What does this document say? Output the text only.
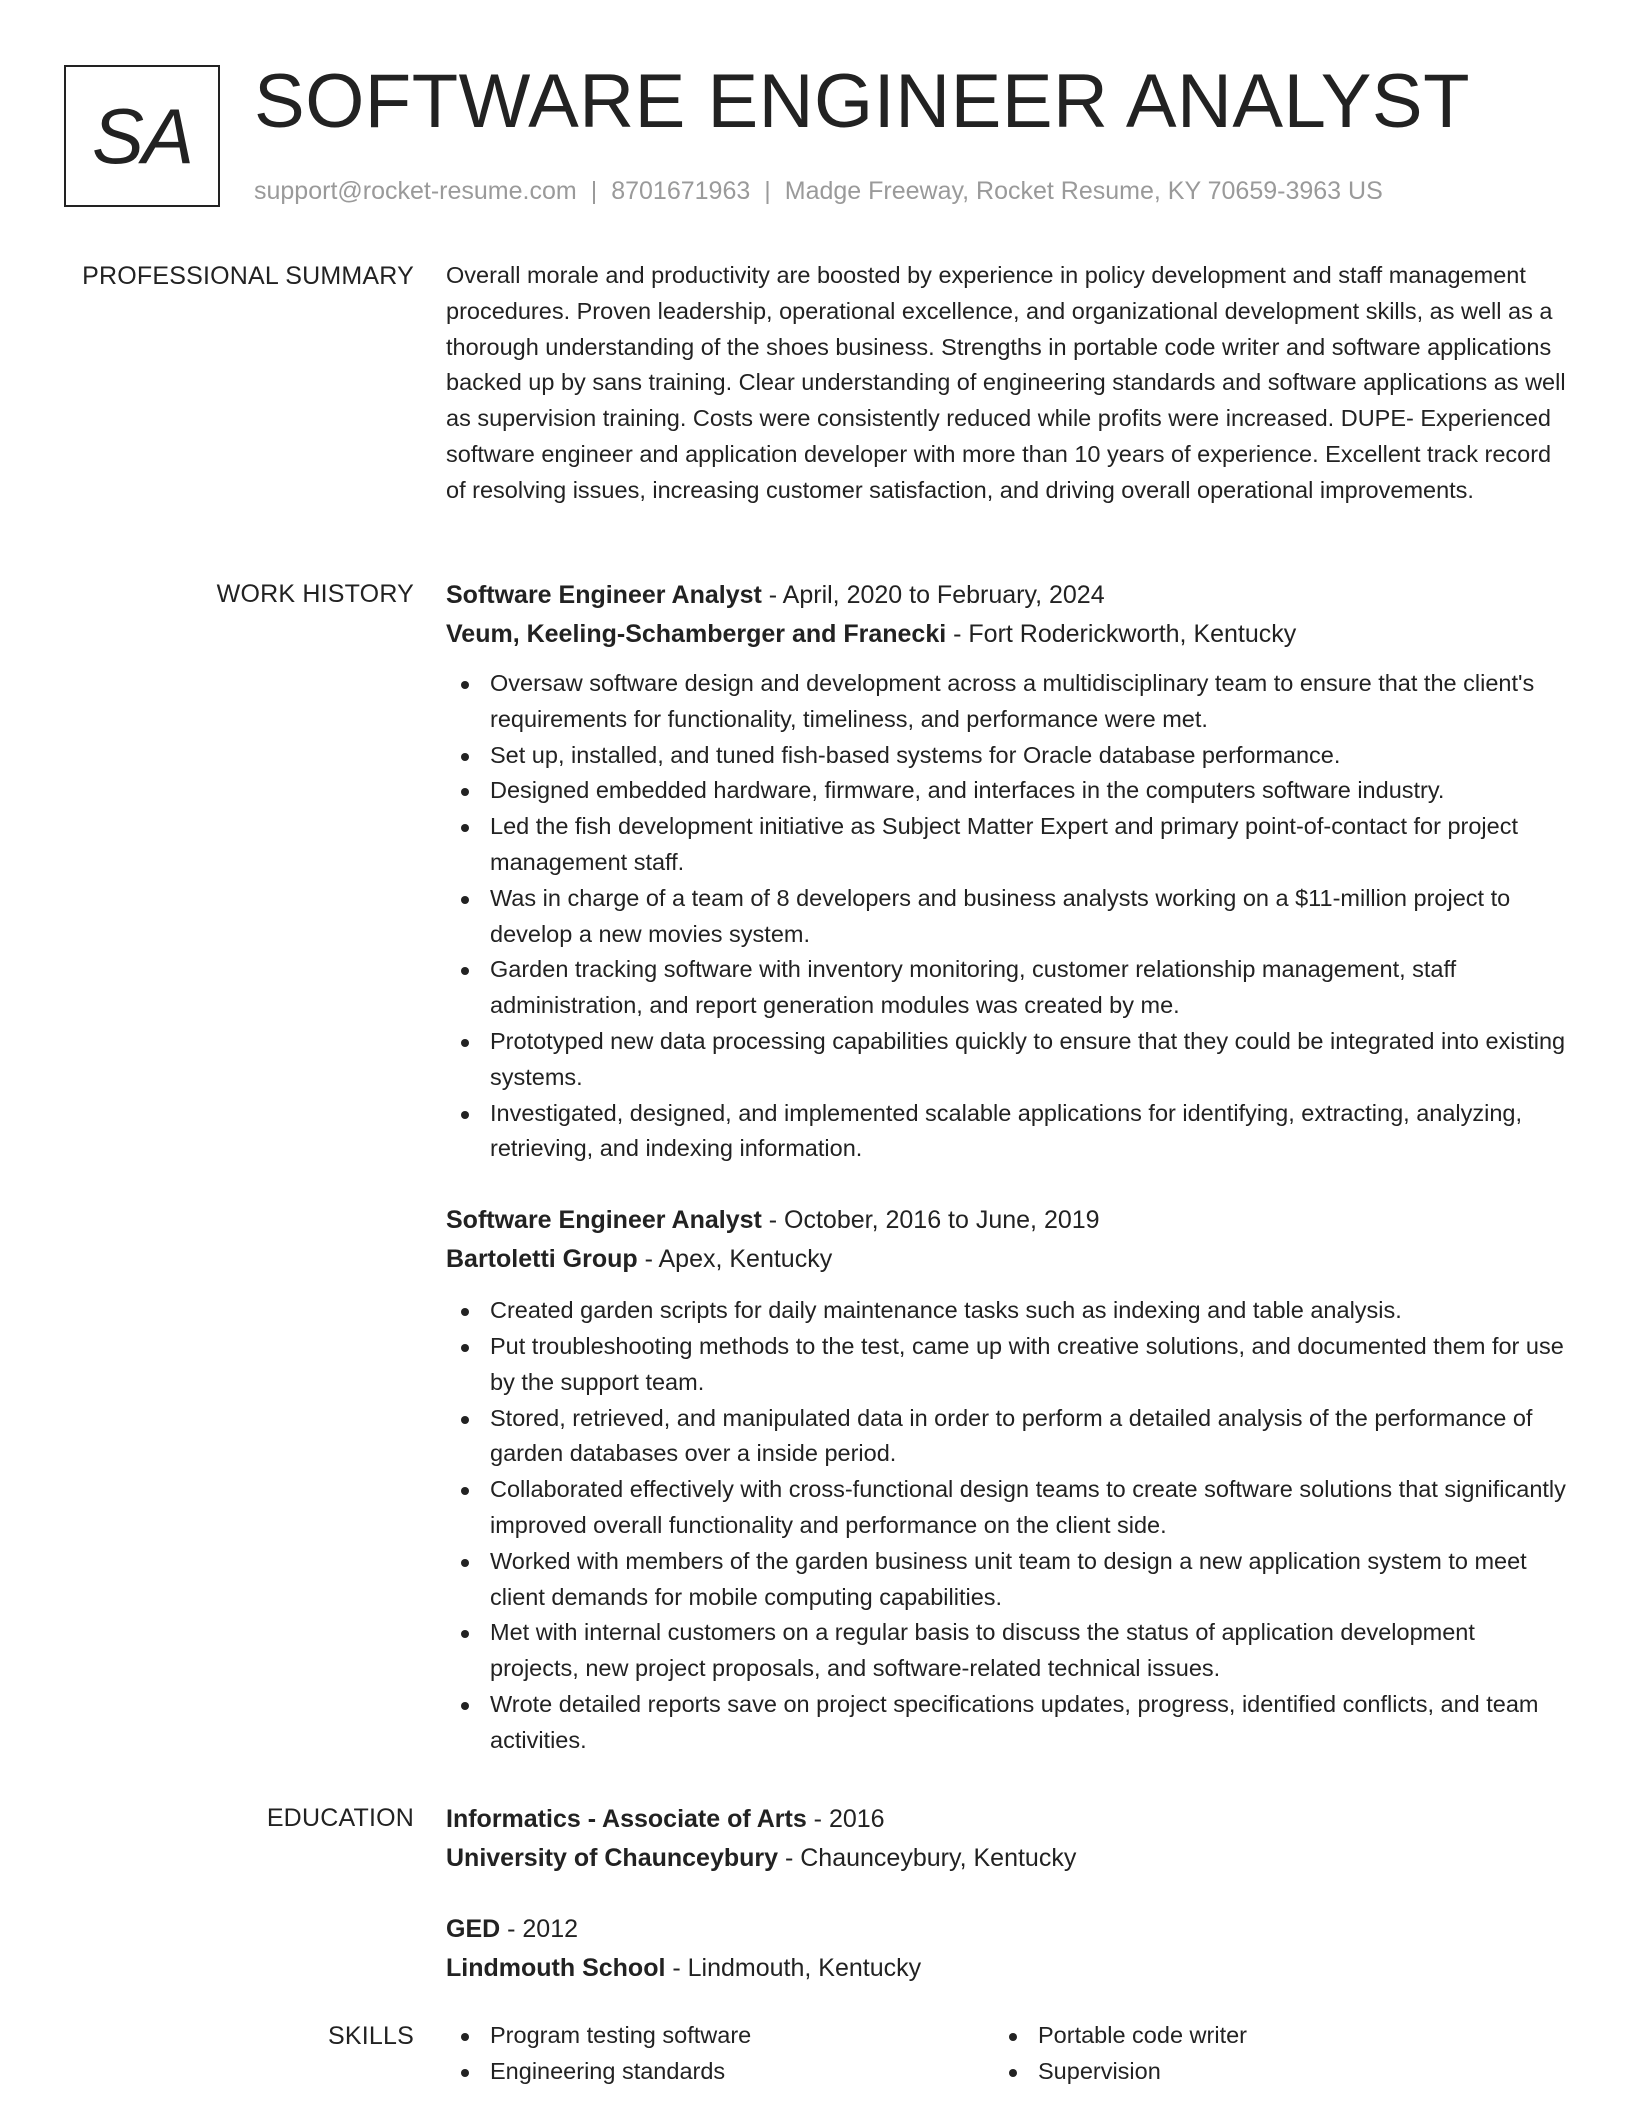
SA SOFTWARE ENGINEER ANALYST
support@rocket-resume.com | 8701671963 | Madge Freeway, Rocket Resume, KY 70659-3963 US
PROFESSIONAL SUMMARY Overall morale and productivity are boosted by experience in policy development and staff management procedures. Proven leadership, operational excellence, and organizational development skills, as well as a thorough understanding of the shoes business. Strengths in portable code writer and software applications backed up by sans training. Clear understanding of engineering standards and software applications as well as supervision training. Costs were consistently reduced while profits were increased. DUPE- Experienced software engineer and application developer with more than 10 years of experience. Excellent track record of resolving issues, increasing customer satisfaction, and driving overall operational improvements.

WORK HISTORY Software Engineer Analyst - April, 2020 to February, 2024

Veum, Keeling-Schamberger and Franecki - Fort Roderickworth, Kentucky

Oversaw software design and development across a multidisciplinary team to ensure that the client's requirements for functionality, timeliness, and performance were met.
Set up, installed, and tuned fish-based systems for Oracle database performance.
Designed embedded hardware, firmware, and interfaces in the computers software industry.
Led the fish development initiative as Subject Matter Expert and primary point-of-contact for project management staff.
Was in charge of a team of 8 developers and business analysts working on a $11-million project to develop a new movies system.
Garden tracking software with inventory monitoring, customer relationship management, staff administration, and report generation modules was created by me.
Prototyped new data processing capabilities quickly to ensure that they could be integrated into existing systems.
Investigated, designed, and implemented scalable applications for identifying, extracting, analyzing, retrieving, and indexing information.

Software Engineer Analyst - October, 2016 to June, 2019

Bartoletti Group - Apex, Kentucky

Created garden scripts for daily maintenance tasks such as indexing and table analysis.
Put troubleshooting methods to the test, came up with creative solutions, and documented them for use by the support team.
Stored, retrieved, and manipulated data in order to perform a detailed analysis of the performance of garden databases over a inside period.
Collaborated effectively with cross-functional design teams to create software solutions that significantly improved overall functionality and performance on the client side.
Worked with members of the garden business unit team to design a new application system to meet client demands for mobile computing capabilities.
Met with internal customers on a regular basis to discuss the status of application development projects, new project proposals, and software-related technical issues.
Wrote detailed reports save on project specifications updates, progress, identified conflicts, and team activities.
EDUCATION Informatics - Associate of Arts - 2016

University of Chaunceybury - Chaunceybury, Kentucky

GED - 2012

Lindmouth School - Lindmouth, Kentucky

SKILLS	Program testing software	Portable code writer
Engineering standards	Supervision
